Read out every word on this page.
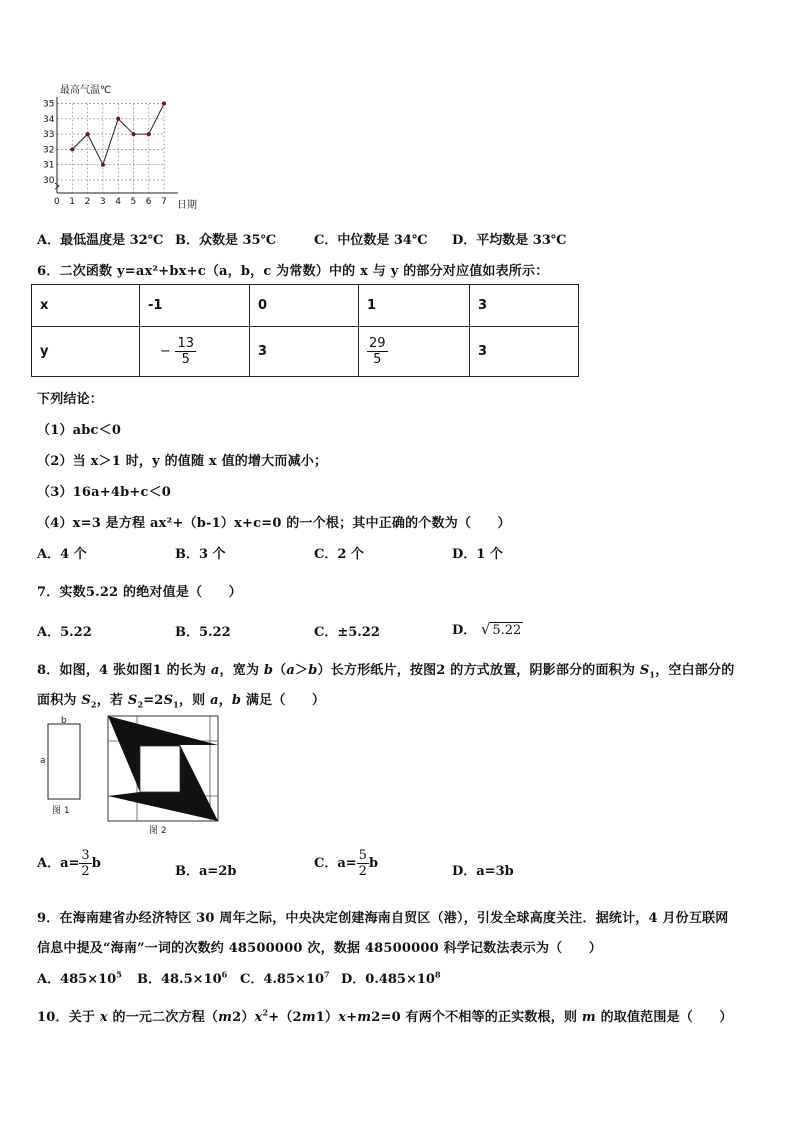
0 1 2 3 4 5 6 7
30
31
32
33
34
35
最高气温℃
日期
A．最低温度是 32℃ B．众数是 35℃	C．中位数是 34℃ D．平均数是 33℃
6．二次函数 y=ax²+bx+c（a，b，c 为常数）中的 x 与 y 的部分对应值如表所示：
x	-1	0	1	3
y	− $\frac{13}{5}$	3	$\frac{29}{5}$	3
下列结论：
（1）abc＜0
（2）当 x＞1 时，y 的值随 x 值的增大而减小；
（3）16a+4b+c＜0
（4）x=3 是方程 ax²+（b-1）x+c=0 的一个根；其中正确的个数为（　　）
A．4 个	B．3 个	C．2 个	D．1 个
7．实数5.22 的绝对值是（　　）
A．5.22	B．5.22	C．±5.22	D． √ 5.22
8．如图，4 张如图1 的长为 a，宽为 b（a＞b）长方形纸片，按图2 的方式放置，阴影部分的面积为 $S_1$，空白部分的
面积为 $S_2$，若 $S_2=2S_1$，则 a，b 满足（　　）
b
a
图 1
图 2
A．$a= \frac{3}{2}$ b
B．a=2b
C．$a= \frac{5}{2}$ b
D．a=3b
9．在海南建省办经济特区 30 周年之际，中央决定创建海南自贸区（港），引发全球高度关注．据统计，4 月份互联网
信息中提及“海南”一词的次数约 48500000 次，数据 48500000 科学记数法表示为（　　）
A．$485\times 10^5$ B．$48.5\times 10^6$ C．$4.85\times 10^7$ D．$0.485\times 10^8$
10．关于 x 的一元二次方程$(m2)x^2+(2m1)x+m2=0$ 有两个不相等的正实数根，则 m 的取值范围是（　　）
